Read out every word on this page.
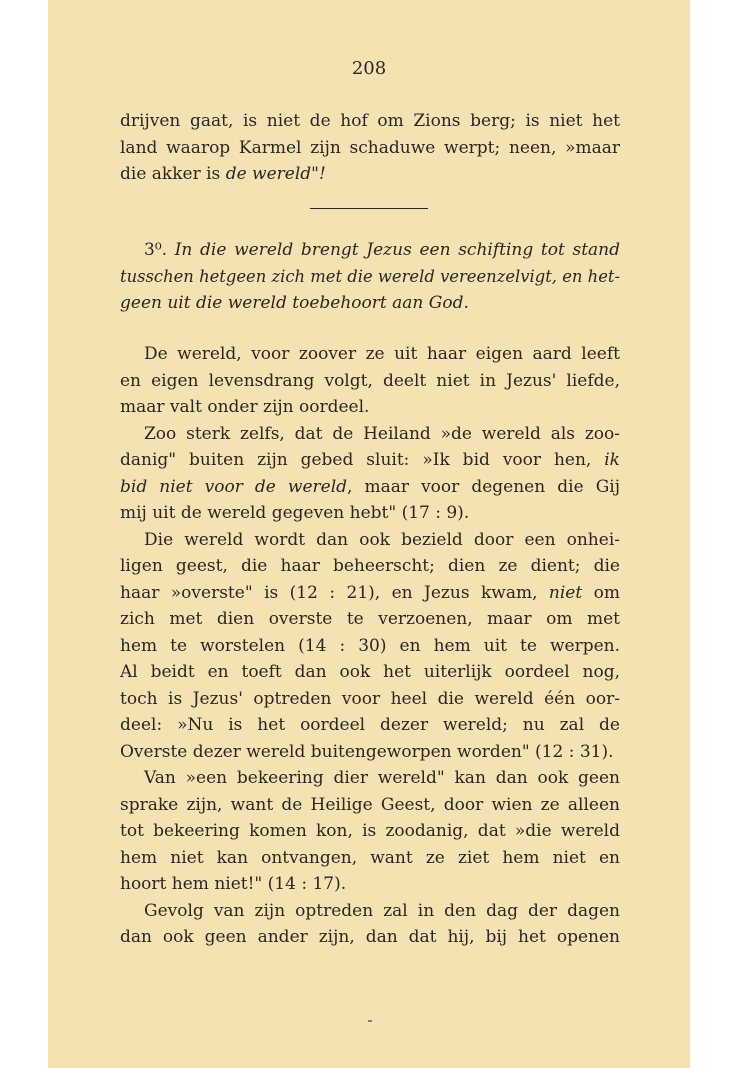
208
drijven gaat, is niet de hof om Zions berg; is niet het
land waarop Karmel zijn schaduwe werpt; neen, »maar
die akker is de wereld"!
3⁰. In die wereld brengt Jezus een schifting tot stand
tusschen hetgeen zich met die wereld vereenzelvigt, en het-
geen uit die wereld toebehoort aan God.
De wereld, voor zoover ze uit haar eigen aard leeft
en eigen levensdrang volgt, deelt niet in Jezus' liefde,
maar valt onder zijn oordeel.
Zoo sterk zelfs, dat de Heiland »de wereld als zoo-
danig" buiten zijn gebed sluit: »Ik bid voor hen, ik
bid niet voor de wereld, maar voor degenen die Gij
mij uit de wereld gegeven hebt" (17 : 9).
Die wereld wordt dan ook bezield door een onhei-
ligen geest, die haar beheerscht; dien ze dient; die
haar »overste" is (12 : 21), en Jezus kwam, niet om
zich met dien overste te verzoenen, maar om met
hem te worstelen (14 : 30) en hem uit te werpen.
Al beidt en toeft dan ook het uiterlijk oordeel nog,
toch is Jezus' optreden voor heel die wereld één oor-
deel: »Nu is het oordeel dezer wereld; nu zal de
Overste dezer wereld buitengeworpen worden" (12 : 31).
Van »een bekeering dier wereld" kan dan ook geen
sprake zijn, want de Heilige Geest, door wien ze alleen
tot bekeering komen kon, is zoodanig, dat »die wereld
hem niet kan ontvangen, want ze ziet hem niet en
hoort hem niet!" (14 : 17).
Gevolg van zijn optreden zal in den dag der dagen
dan ook geen ander zijn, dan dat hij, bij het openen
